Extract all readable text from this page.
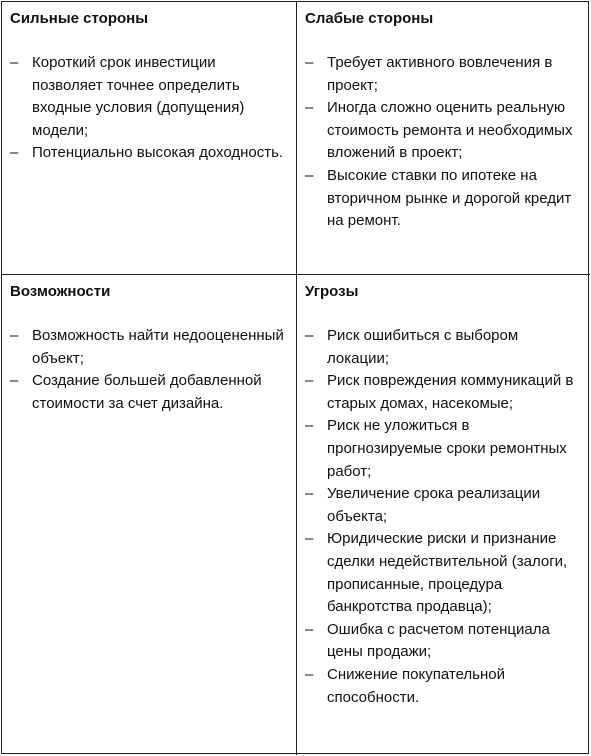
Сильные стороны
– Короткий срок инвестиции позволяет точнее определить входные условия (допущения) модели;
– Потенциально высокая доходность.
Слабые стороны
– Требует активного вовлечения в проект;
– Иногда сложно оценить реальную стоимость ремонта и необходимых вложений в проект;
– Высокие ставки по ипотеке на вторичном рынке и дорогой кредит на ремонт.
Возможности
– Возможность найти недооцененный объект;
– Создание большей добавленной стоимости за счет дизайна.
Угрозы
– Риск ошибиться с выбором локации;
– Риск повреждения коммуникаций в старых домах, насекомые;
– Риск не уложиться в прогнозируемые сроки ремонтных работ;
– Увеличение срока реализации объекта;
– Юридические риски и признание сделки недействительной (залоги, прописанные, процедура банкротства продавца);
– Ошибка с расчетом потенциала цены продажи;
– Снижение покупательной способности.
